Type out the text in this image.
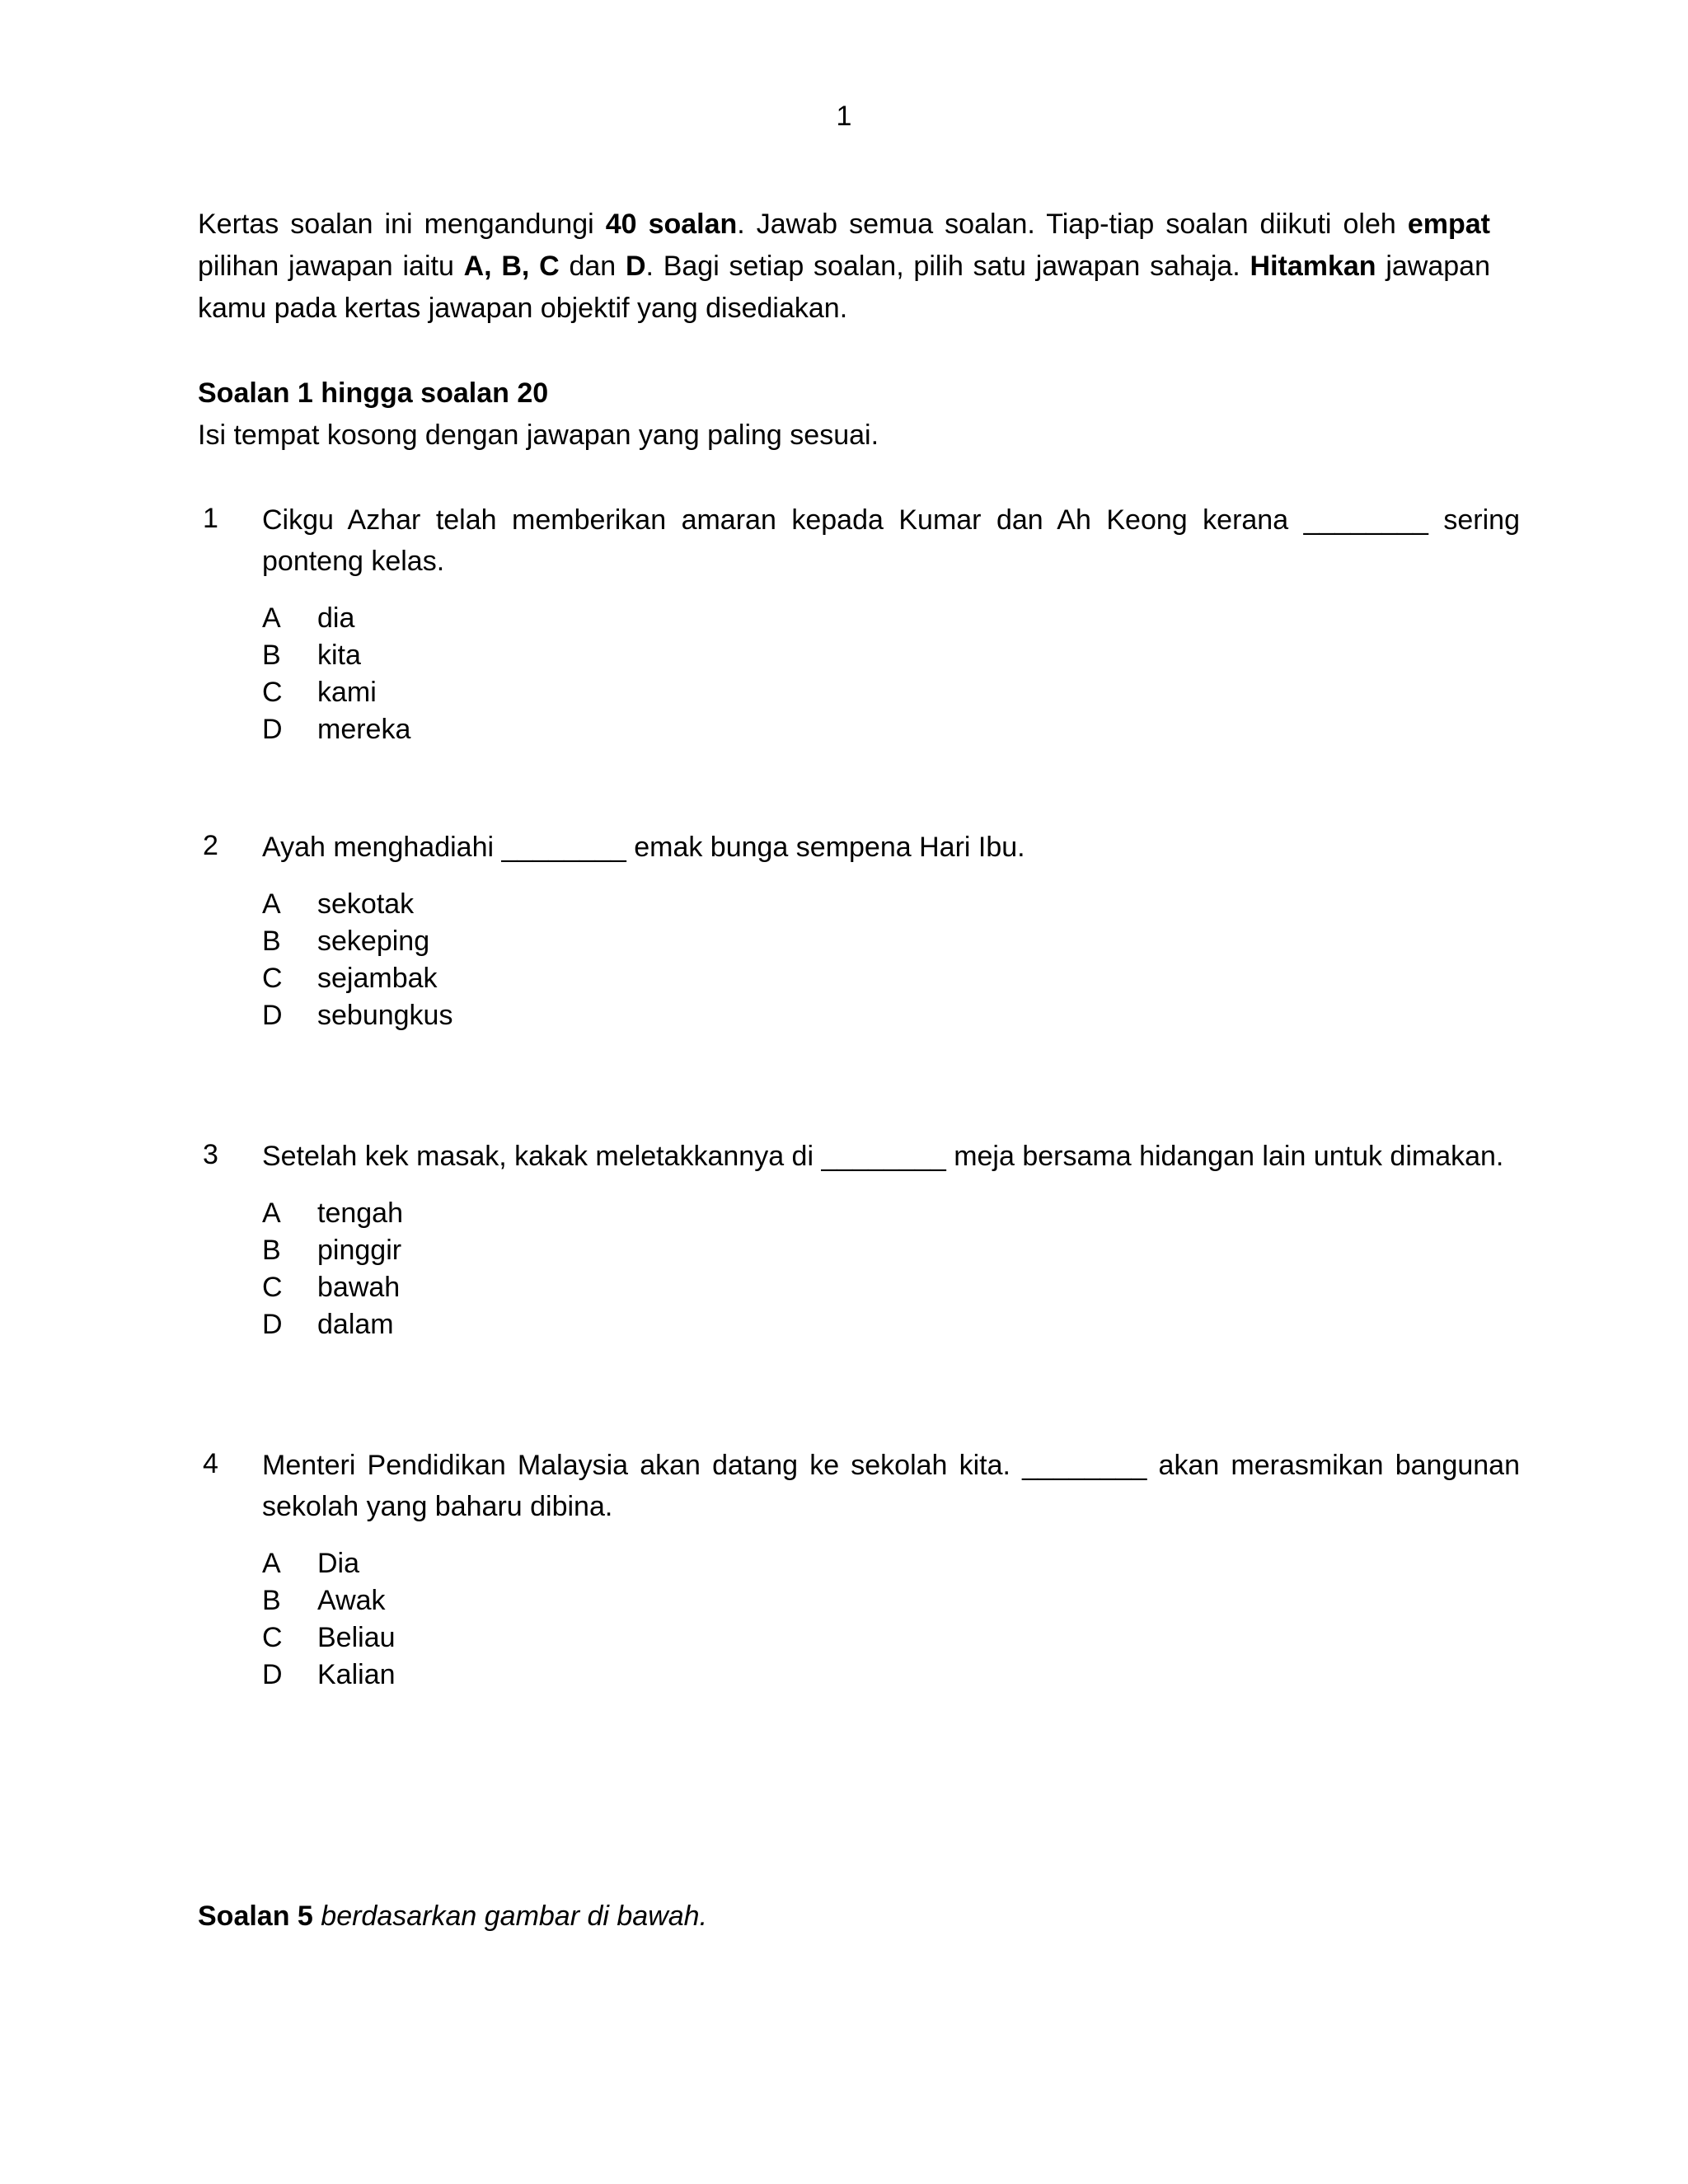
1

Kertas soalan ini mengandungi 40 soalan. Jawab semua soalan. Tiap-tiap soalan diikuti oleh empat pilihan jawapan iaitu A, B, C dan D. Bagi setiap soalan, pilih satu jawapan sahaja. Hitamkan jawapan kamu pada kertas jawapan objektif yang disediakan.

Soalan 1 hingga soalan 20

Isi tempat kosong dengan jawapan yang paling sesuai.

1	Cikgu Azhar telah memberikan amaran kepada Kumar dan Ah Keong kerana ________ sering ponteng kelas.
A	dia
B	kita
C	kami
D	mereka
2	Ayah menghadiahi ________ emak bunga sempena Hari Ibu.
A	sekotak
B	sekeping
C	sejambak
D	sebungkus
3	Setelah kek masak, kakak meletakkannya di ________ meja bersama hidangan lain untuk dimakan.
A	tengah
B	pinggir
C	bawah
D	dalam
4	Menteri Pendidikan Malaysia akan datang ke sekolah kita. ________ akan merasmikan bangunan sekolah yang baharu dibina.
A	Dia
B	Awak
C	Beliau
D	Kalian

Soalan 5 berdasarkan gambar di bawah.
